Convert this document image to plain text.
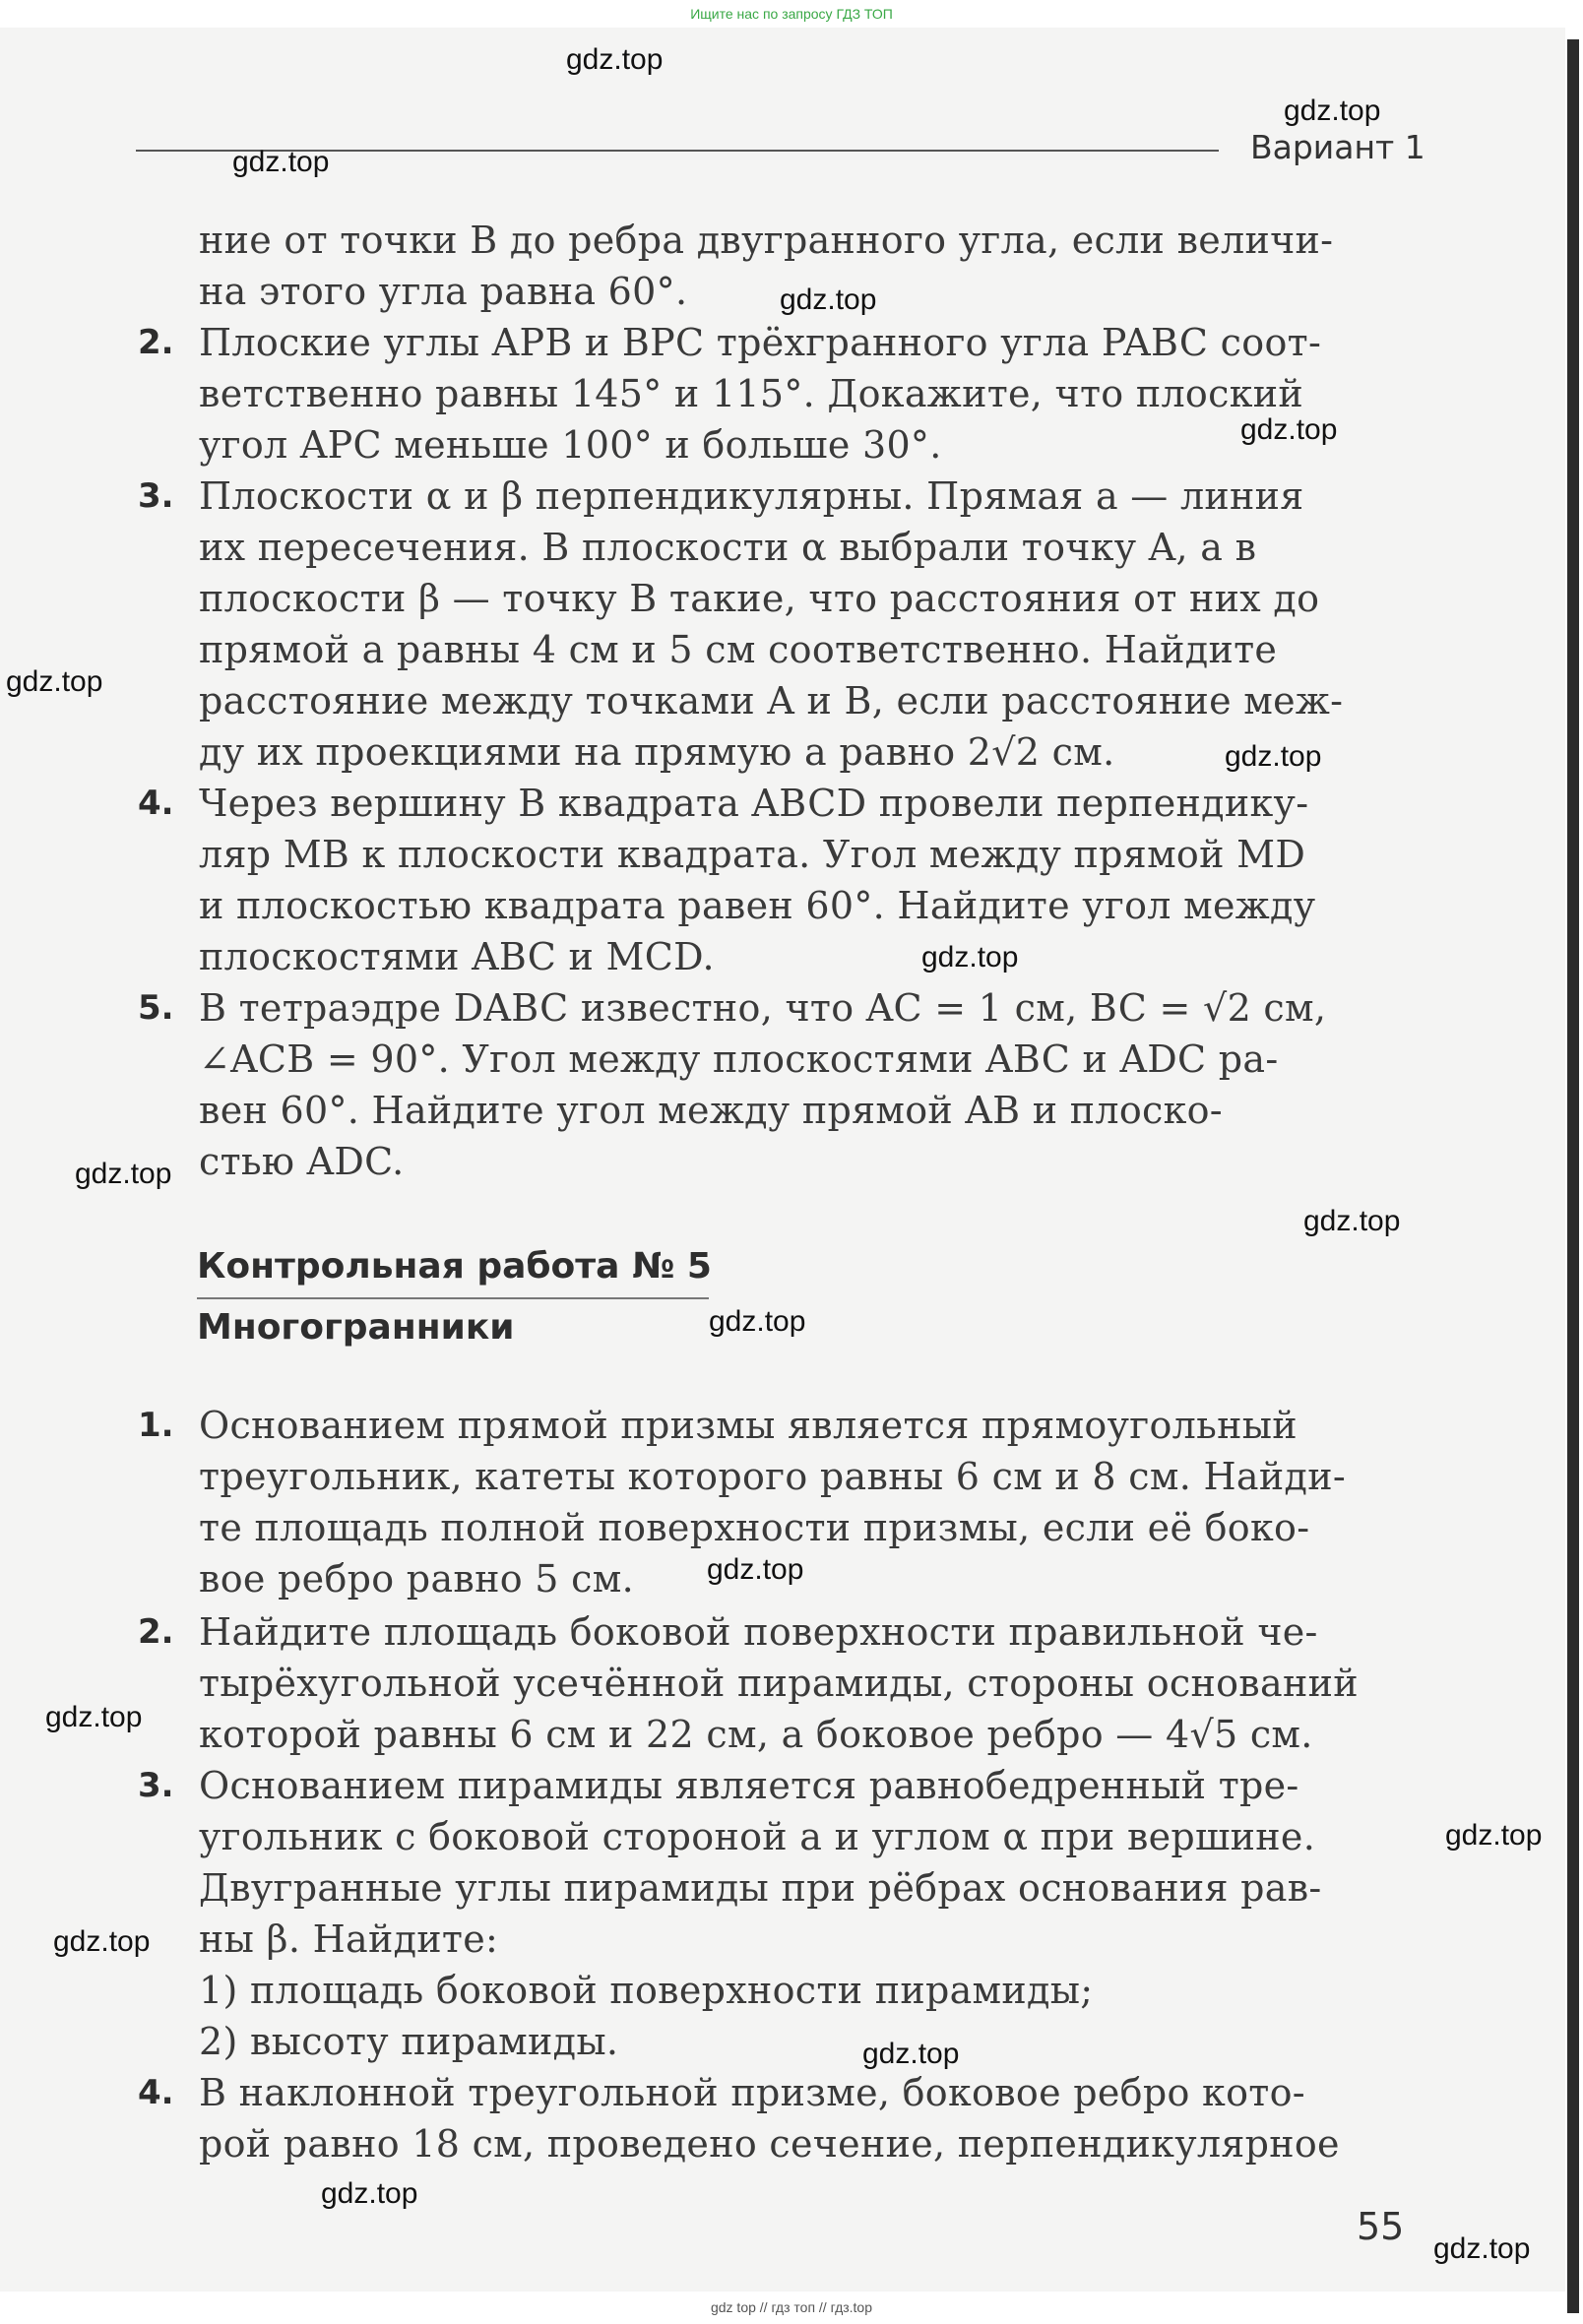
Ищите нас по запросу ГДЗ ТОП
Вариант 1
ние от точки B до ребра двугранного угла, если величи-
на этого угла равна 60°.
2. Плоские углы APB и BPC трёхгранного угла PABC соот-
ветственно равны 145° и 115°. Докажите, что плоский
угол APC меньше 100° и больше 30°.
3. Плоскости α и β перпендикулярны. Прямая a — линия
их пересечения. В плоскости α выбрали точку A, а в
плоскости β — точку B такие, что расстояния от них до
прямой a равны 4 см и 5 см соответственно. Найдите
расстояние между точками A и B, если расстояние меж-
ду их проекциями на прямую a равно 2√2 см.
4. Через вершину B квадрата ABCD провели перпендику-
ляр MB к плоскости квадрата. Угол между прямой MD
и плоскостью квадрата равен 60°. Найдите угол между
плоскостями ABC и MCD.
5. В тетраэдре DABC известно, что AC = 1 см, BC = √2 см,
∠ACB = 90°. Угол между плоскостями ABC и ADC ра-
вен 60°. Найдите угол между прямой AB и плоско-
стью ADC.
Контрольная работа № 5
Многогранники
1. Основанием прямой призмы является прямоугольный
треугольник, катеты которого равны 6 см и 8 см. Найди-
те площадь полной поверхности призмы, если её боко-
вое ребро равно 5 см.
2. Найдите площадь боковой поверхности правильной че-
тырёхугольной усечённой пирамиды, стороны оснований
которой равны 6 см и 22 см, а боковое ребро — 4√5 см.
3. Основанием пирамиды является равнобедренный тре-
угольник с боковой стороной a и углом α при вершине.
Двугранные углы пирамиды при рёбрах основания рав-
ны β. Найдите:
1) площадь боковой поверхности пирамиды;
2) высоту пирамиды.
4. В наклонной треугольной призме, боковое ребро кото-
рой равно 18 см, проведено сечение, перпендикулярное
55
gdz.top
gdz.top
gdz.top
gdz.top
gdz.top
gdz.top
gdz.top
gdz.top
gdz.top
gdz.top
gdz.top
gdz.top
gdz.top
gdz.top
gdz.top
gdz.top
gdz.top
gdz.top
gdz top // гдз топ // гдз.top
